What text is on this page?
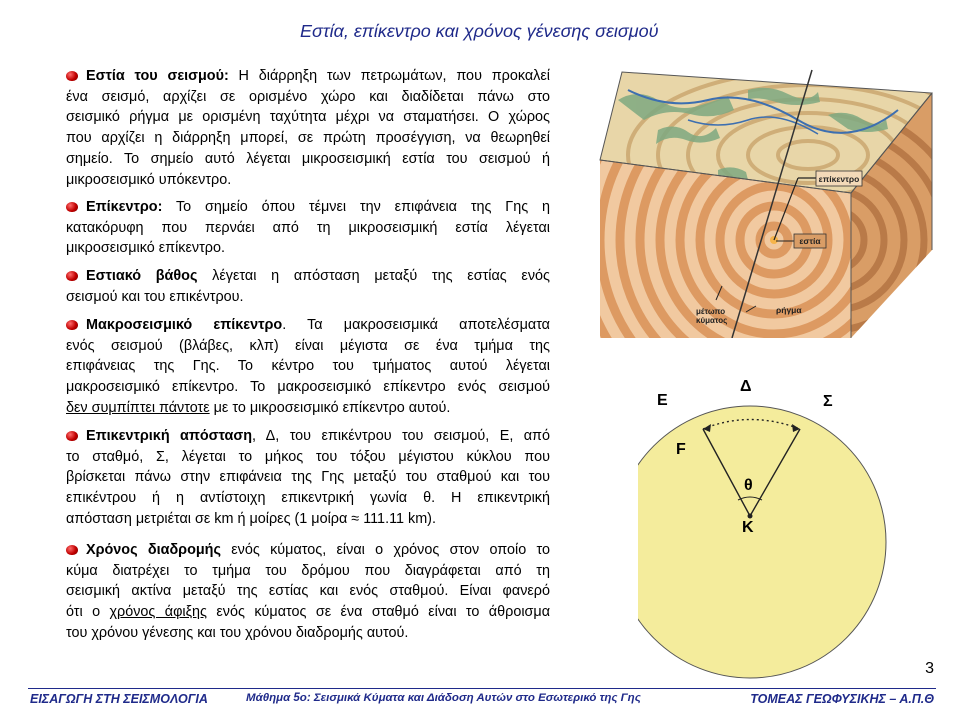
Εστία, επίκεντρο και χρόνος γένεσης σεισμού
Εστία του σεισμού: Η διάρρηξη των πετρωμάτων, που προκαλεί
ένα σεισμό, αρχίζει σε ορισμένο χώρο και διαδίδεται πάνω στο
σεισμικό ρήγμα με ορισμένη ταχύτητα μέχρι να σταματήσει. Ο χώρος
που αρχίζει η διάρρηξη μπορεί, σε πρώτη προσέγγιση, να θεωρηθεί
σημείο. Το σημείο αυτό λέγεται μικροσεισμική εστία του σεισμού ή
μικροσεισμικό υπόκεντρο.
Επίκεντρο: Το σημείο όπου τέμνει την επιφάνεια της Γης η
κατακόρυφη που περνάει από τη μικροσεισμική εστία λέγεται
μικροσεισμικό επίκεντρο.
Εστιακό βάθος λέγεται η απόσταση μεταξύ της εστίας ενός
σεισμού και του επικέντρου.
Μακροσεισμικό επίκεντρο. Τα μακροσεισμικά αποτελέσματα
ενός σεισμού (βλάβες, κλπ) είναι μέγιστα σε ένα τμήμα της
επιφάνειας της Γης. Το κέντρο του τμήματος αυτού λέγεται
μακροσεισμικό επίκεντρο. Το μακροσεισμικό επίκεντρο ενός σεισμού
δεν συμπίπτει πάντοτε με το μικροσεισμικό επίκεντρο αυτού.
Επικεντρική απόσταση, Δ, του επικέντρου του σεισμού, Ε, από
το σταθμό, Σ, λέγεται το μήκος του τόξου μέγιστου κύκλου που
βρίσκεται πάνω στην επιφάνεια της Γης μεταξύ του σταθμού και του
επικέντρου ή η αντίστοιχη επικεντρική γωνία θ. Η επικεντρική
απόσταση μετριέται σε km ή μοίρες (1 μοίρα ≈ 111.11 km).
Χρόνος διαδρομής ενός κύματος, είναι ο χρόνος στον οποίο το
κύμα διατρέχει το τμήμα του δρόμου που διαγράφεται από τη
σεισμική ακτίνα μεταξύ της εστίας και ενός σταθμού. Είναι φανερό
ότι ο χρόνος άφιξης ενός κύματος σε ένα σταθμό είναι το άθροισμα
του χρόνου γένεσης και του χρόνου διαδρομής αυτού.
επίκεντρο
εστία
μέτωπο
κύματος
ρήγμα
Ε
Δ
Σ
F
θ
Κ
3
ΕΙΣΑΓΩΓΗ ΣΤΗ ΣΕΙΣΜΟΛΟΓΙΑ	Μάθημα 5ο: Σεισμικά Κύματα και Διάδοση Αυτών στο Εσωτερικό της Γης	ΤΟΜΕΑΣ ΓΕΩΦΥΣΙΚΗΣ – Α.Π.Θ
